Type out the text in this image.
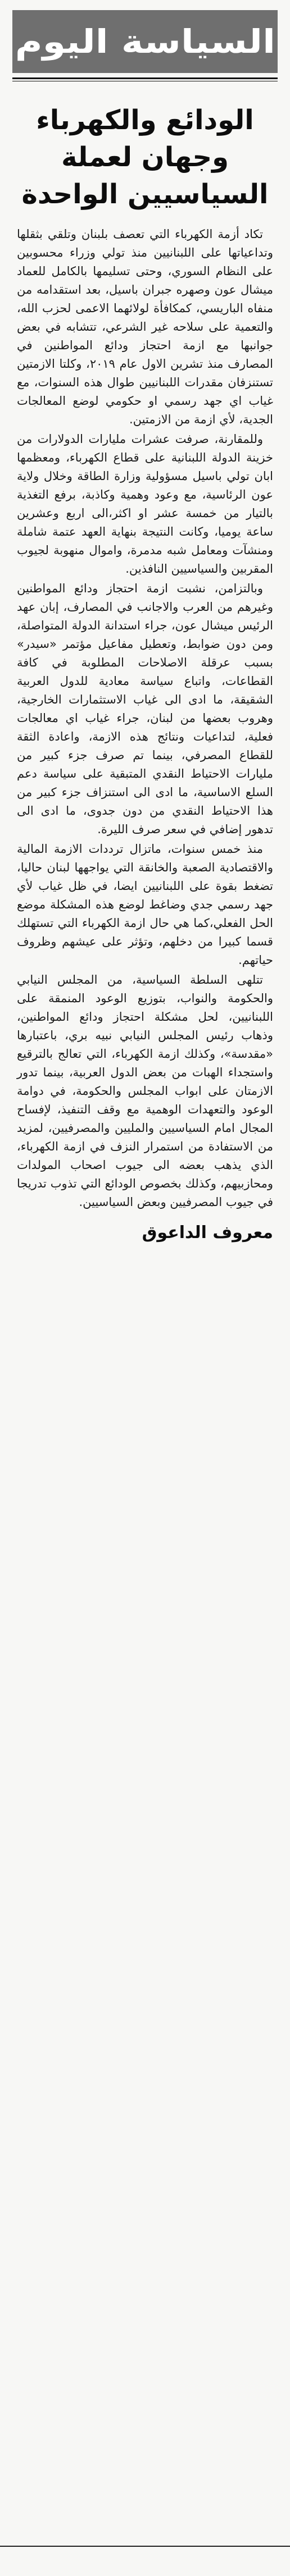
السياسة اليوم
الودائع والكهرباء وجهان لعملة السياسيين الواحدة

تكاد أزمة الكهرباء التي تعصف بلبنان وتلقي بثقلها وتداعياتها على اللبنانيين منذ تولي وزراء محسوبين على النظام السوري، وحتى تسليمها بالكامل للعماد ميشال عون وصهره جبران باسيل، بعد استقدامه من منفاه الباريسي، كمكافأة لولائهما الاعمى لحزب الله، والتعمية على سلاحه غير الشرعي، تتشابه في بعض جوانبها مع ازمة احتجاز ودائع المواطنين في المصارف منذ تشرين الاول عام ٢٠١٩، وكلتا الازمتين تستنزفان مقدرات اللبنانيين طوال هذه السنوات، مع غياب اي جهد رسمي او حكومي لوضع المعالجات الجدية، لأي ازمة من الازمتين.

وللمقارنة، صرفت عشرات مليارات الدولارات من خزينة الدولة اللبنانية على قطاع الكهرباء، ومعظمها ابان تولي باسيل مسؤولية وزارة الطاقة وخلال ولاية عون الرئاسية، مع وعود وهمية وكاذبة، برفع التغذية بالتيار من خمسة عشر او اكثر،الى اربع وعشرين ساعة يوميا، وكانت النتيجة بنهاية العهد عتمة شاملة ومنشآت ومعامل شبه مدمرة، واموال منهوبة لجيوب المقربين والسياسيين النافذين.

وبالتزامن، نشبت ازمة احتجاز ودائع المواطنين وغيرهم من العرب والاجانب في المصارف، إبان عهد الرئيس ميشال عون، جراء استدانة الدولة المتواصلة، ومن دون ضوابط، وتعطيل مفاعيل مؤتمر «سيدر» بسبب عرقلة الاصلاحات المطلوبة في كافة القطاعات، واتباع سياسة معادية للدول العربية الشقيقة، ما ادى الى غياب الاستثمارات الخارجية، وهروب بعضها من لبنان، جراء غياب اي معالجات فعلية، لتداعيات ونتائج هذه الازمة، واعادة الثقة للقطاع المصرفي، بينما تم صرف جزء كبير من مليارات الاحتياط النقدي المتبقية على سياسة دعم السلع الاساسية، ما ادى الى استنزاف جزء كبير من هذا الاحتياط النقدي من دون جدوى، ما ادى الى تدهور إضافي في سعر صرف الليرة.

منذ خمس سنوات، ماتزال ترددات الازمة المالية والاقتصادية الصعبة والخانقة التي يواجهها لبنان حاليا، تضغط بقوة على اللبنانيين ايضا، في ظل غياب لأي جهد رسمي جدي وضاغط لوضع هذه المشكلة موضع الحل الفعلي،كما هي حال ازمة الكهرباء التي تستهلك قسما كبيرا من دخلهم، وتؤثر على عيشهم وظروف حياتهم.

تتلهى السلطة السياسية، من المجلس النيابي والحكومة والنواب، بتوزيع الوعود المنمقة على اللبنانيين، لحل مشكلة احتجاز ودائع المواطنين، وذهاب رئيس المجلس النيابي نبيه بري، باعتبارها «مقدسة»، وكذلك ازمة الكهرباء، التي تعالج بالترقيع واستجداء الهبات من بعض الدول العربية، بينما تدور الازمتان على ابواب المجلس والحكومة، في دوامة الوعود والتعهدات الوهمية مع وقف التنفيذ، لإفساح المجال امام السياسيين والمليين والمصرفيين، لمزيد من الاستفادة من استمرار النزف في ازمة الكهرباء، الذي يذهب بعضه الى جيوب اصحاب المولدات ومحازبيهم، وكذلك بخصوص الودائع التي تذوب تدريجا في جيوب المصرفيين وبعض السياسيين.

معروف الداعوق
